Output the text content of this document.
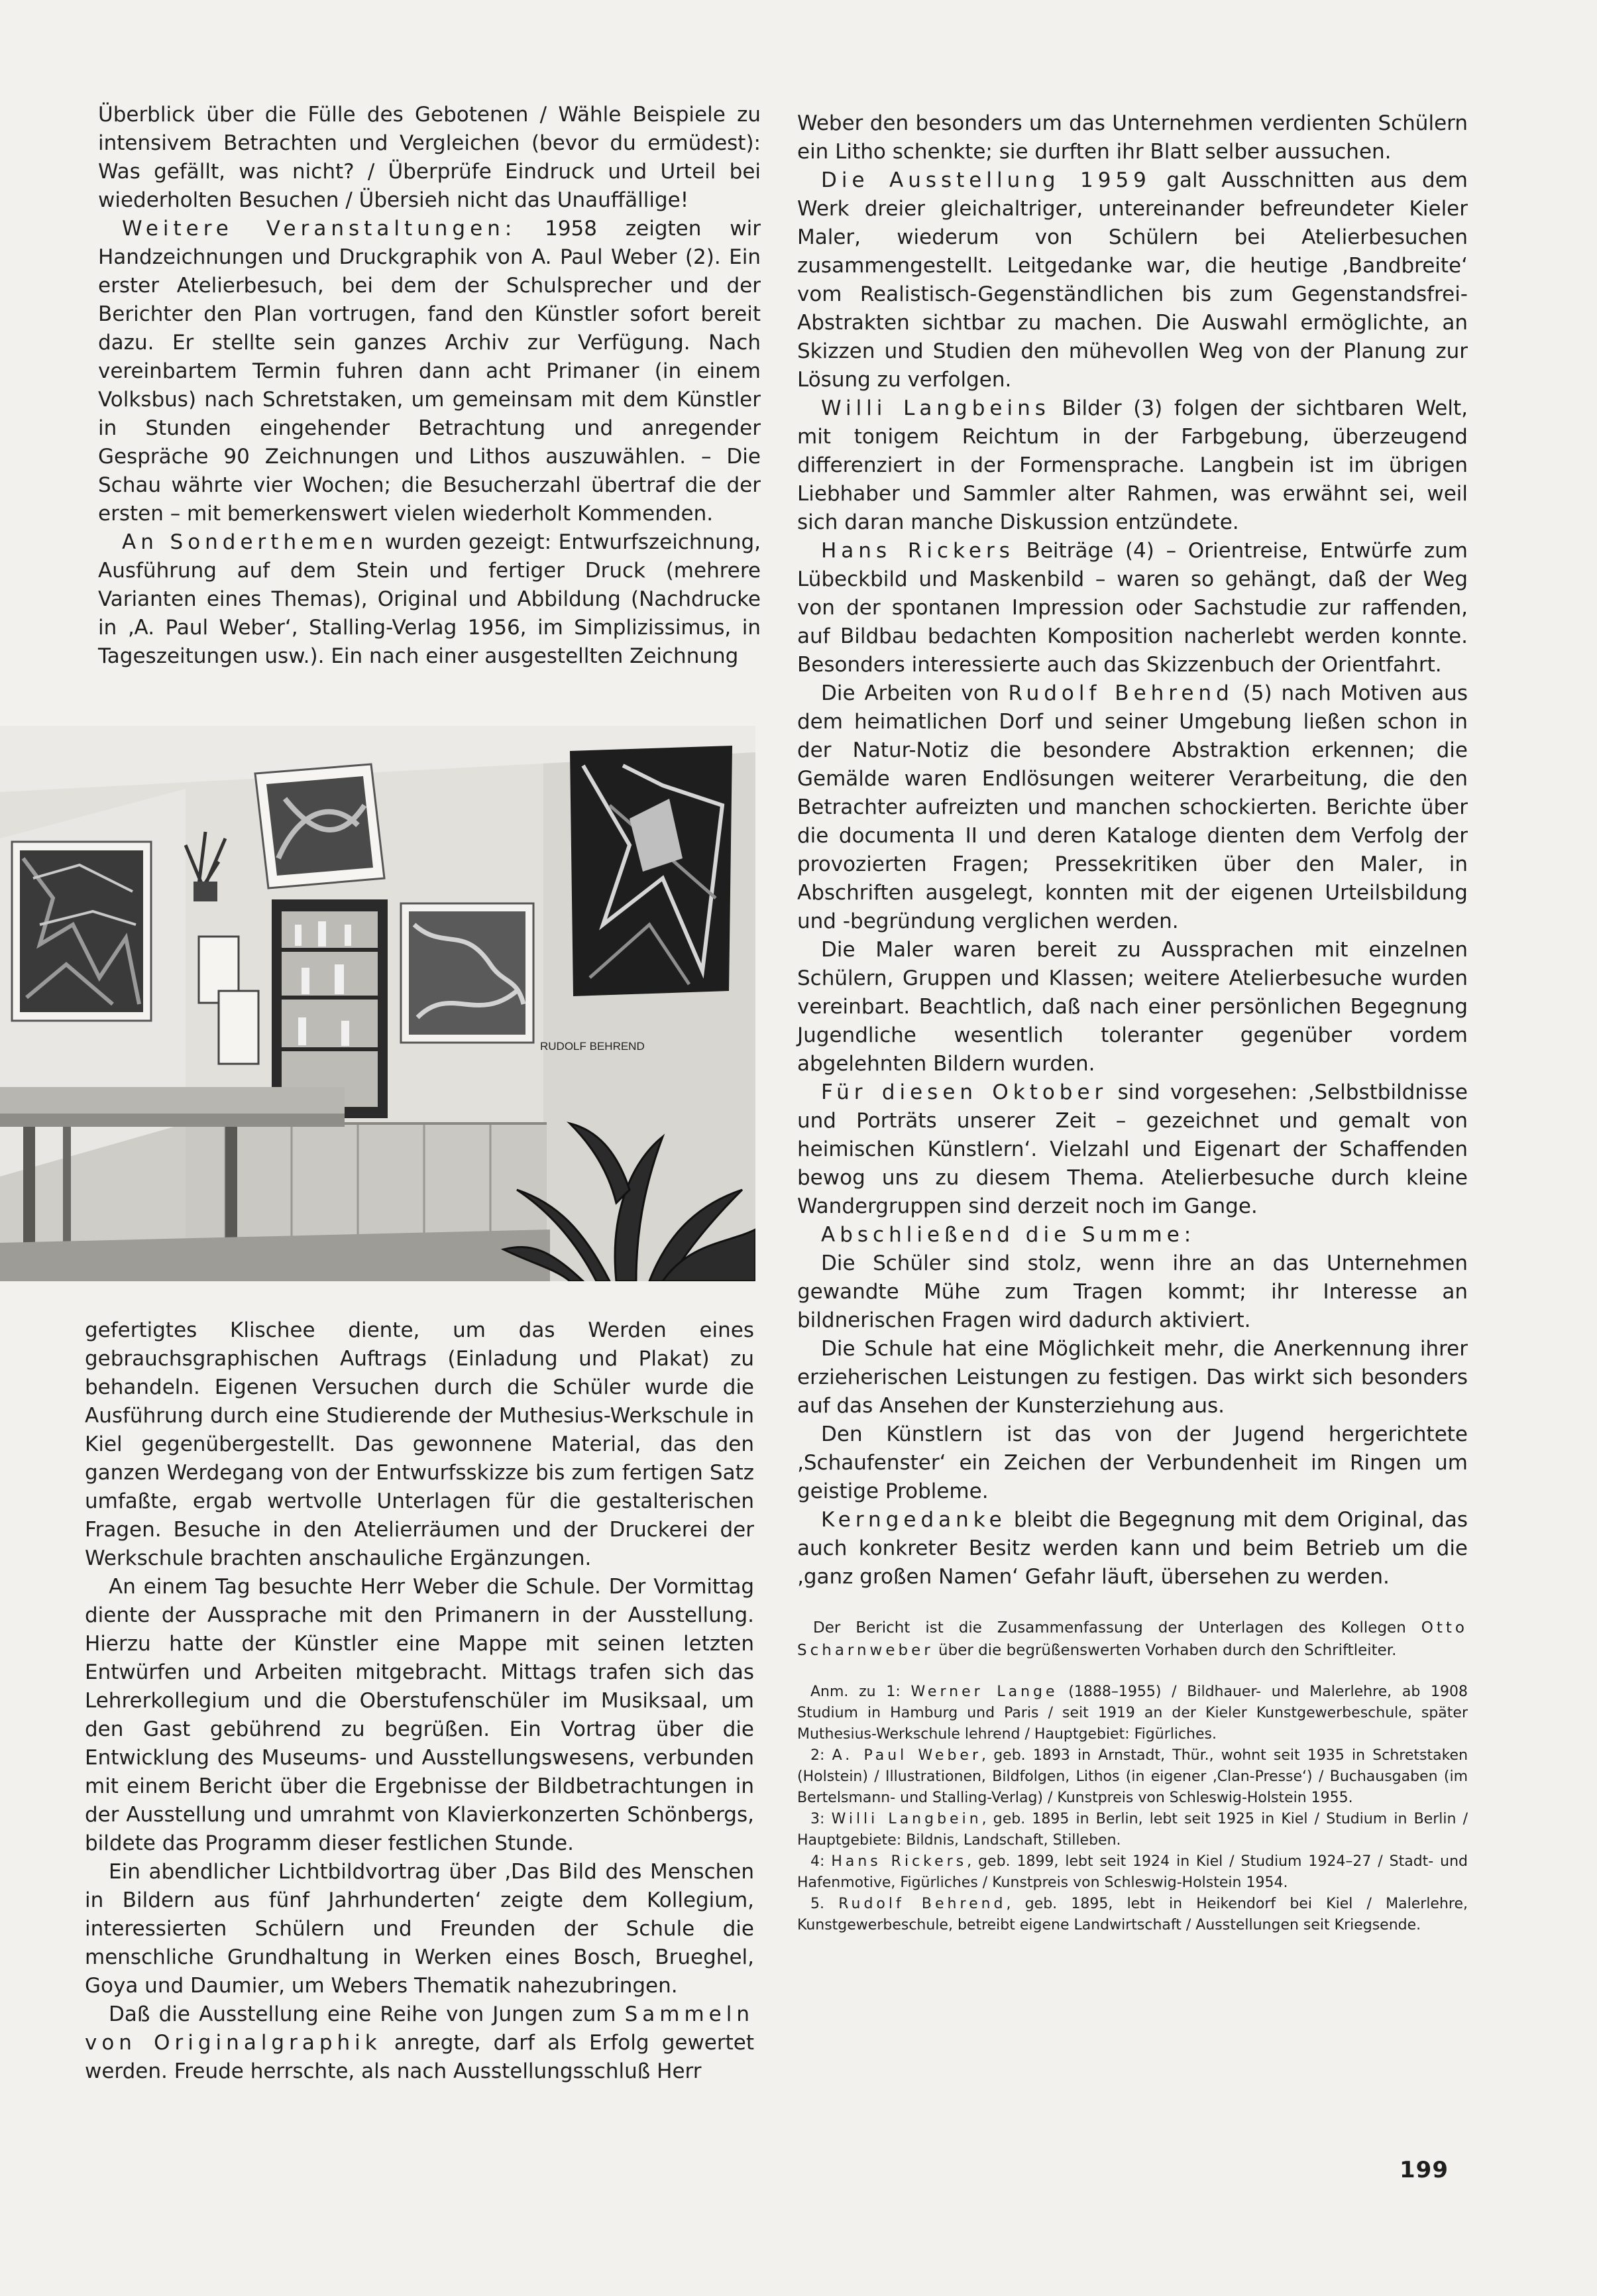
Überblick über die Fülle des Gebotenen / Wähle Beispiele zu intensivem Betrachten und Vergleichen (bevor du ermüdest): Was gefällt, was nicht? / Überprüfe Eindruck und Urteil bei wiederholten Besuchen / Übersieh nicht das Unauffällige!

Weitere Veranstaltungen: 1958 zeigten wir Handzeichnungen und Druckgraphik von A. Paul Weber (2). Ein erster Atelierbesuch, bei dem der Schulsprecher und der Berichter den Plan vortrugen, fand den Künstler sofort bereit dazu. Er stellte sein ganzes Archiv zur Verfügung. Nach vereinbartem Termin fuhren dann acht Primaner (in einem Volksbus) nach Schretstaken, um gemeinsam mit dem Künstler in Stunden eingehender Betrachtung und anregender Gespräche 90 Zeichnungen und Lithos auszuwählen. – Die Schau währte vier Wochen; die Besucherzahl übertraf die der ersten – mit bemerkenswert vielen wiederholt Kommenden.

An Sonderthemen wurden gezeigt: Entwurfszeichnung, Ausführung auf dem Stein und fertiger Druck (mehrere Varianten eines Themas), Original und Abbildung (Nachdrucke in ‚A. Paul Weber‘, Stalling-Verlag 1956, im Simplizissimus, in Tageszeitungen usw.). Ein nach einer ausgestellten Zeichnung

RUDOLF BEHREND

gefertigtes Klischee diente, um das Werden eines gebrauchsgraphischen Auftrags (Einladung und Plakat) zu behandeln. Eigenen Versuchen durch die Schüler wurde die Ausführung durch eine Studierende der Muthesius-Werkschule in Kiel gegenübergestellt. Das gewonnene Material, das den ganzen Werdegang von der Entwurfsskizze bis zum fertigen Satz umfaßte, ergab wertvolle Unterlagen für die gestalterischen Fragen. Besuche in den Atelierräumen und der Druckerei der Werkschule brachten anschauliche Ergänzungen.

An einem Tag besuchte Herr Weber die Schule. Der Vormittag diente der Aussprache mit den Primanern in der Ausstellung. Hierzu hatte der Künstler eine Mappe mit seinen letzten Entwürfen und Arbeiten mitgebracht. Mittags trafen sich das Lehrerkollegium und die Oberstufenschüler im Musiksaal, um den Gast gebührend zu begrüßen. Ein Vortrag über die Entwicklung des Museums- und Ausstellungswesens, verbunden mit einem Bericht über die Ergebnisse der Bildbetrachtungen in der Ausstellung und umrahmt von Klavierkonzerten Schönbergs, bildete das Programm dieser festlichen Stunde.

Ein abendlicher Lichtbildvortrag über ‚Das Bild des Menschen in Bildern aus fünf Jahrhunderten‘ zeigte dem Kollegium, interessierten Schülern und Freunden der Schule die menschliche Grundhaltung in Werken eines Bosch, Brueghel, Goya und Daumier, um Webers Thematik nahezubringen.

Daß die Ausstellung eine Reihe von Jungen zum Sammeln von Originalgraphik anregte, darf als Erfolg gewertet werden. Freude herrschte, als nach Ausstellungsschluß Herr

Weber den besonders um das Unternehmen verdienten Schülern ein Litho schenkte; sie durften ihr Blatt selber aussuchen.

Die Ausstellung 1959 galt Ausschnitten aus dem Werk dreier gleichaltriger, untereinander befreundeter Kieler Maler, wiederum von Schülern bei Atelierbesuchen zusammengestellt. Leitgedanke war, die heutige ‚Bandbreite‘ vom Realistisch-Gegenständlichen bis zum Gegenstandsfrei-Abstrakten sichtbar zu machen. Die Auswahl ermöglichte, an Skizzen und Studien den mühevollen Weg von der Planung zur Lösung zu verfolgen.

Willi Langbeins Bilder (3) folgen der sichtbaren Welt, mit tonigem Reichtum in der Farbgebung, überzeugend differenziert in der Formensprache. Langbein ist im übrigen Liebhaber und Sammler alter Rahmen, was erwähnt sei, weil sich daran manche Diskussion entzündete.

Hans Rickers Beiträge (4) – Orientreise, Entwürfe zum Lübeckbild und Maskenbild – waren so gehängt, daß der Weg von der spontanen Impression oder Sachstudie zur raffenden, auf Bildbau bedachten Komposition nacherlebt werden konnte. Besonders interessierte auch das Skizzenbuch der Orientfahrt.

Die Arbeiten von Rudolf Behrend (5) nach Motiven aus dem heimatlichen Dorf und seiner Umgebung ließen schon in der Natur-Notiz die besondere Abstraktion erkennen; die Gemälde waren Endlösungen weiterer Verarbeitung, die den Betrachter aufreizten und manchen schockierten. Berichte über die documenta II und deren Kataloge dienten dem Verfolg der provozierten Fragen; Pressekritiken über den Maler, in Abschriften ausgelegt, konnten mit der eigenen Urteilsbildung und -begründung verglichen werden.

Die Maler waren bereit zu Aussprachen mit einzelnen Schülern, Gruppen und Klassen; weitere Atelierbesuche wurden vereinbart. Beachtlich, daß nach einer persönlichen Begegnung Jugendliche wesentlich toleranter gegenüber vordem abgelehnten Bildern wurden.

Für diesen Oktober sind vorgesehen: ‚Selbstbildnisse und Porträts unserer Zeit – gezeichnet und gemalt von heimischen Künstlern‘. Vielzahl und Eigenart der Schaffenden bewog uns zu diesem Thema. Atelierbesuche durch kleine Wandergruppen sind derzeit noch im Gange.

Abschließend die Summe:

Die Schüler sind stolz, wenn ihre an das Unternehmen gewandte Mühe zum Tragen kommt; ihr Interesse an bildnerischen Fragen wird dadurch aktiviert.

Die Schule hat eine Möglichkeit mehr, die Anerkennung ihrer erzieherischen Leistungen zu festigen. Das wirkt sich besonders auf das Ansehen der Kunsterziehung aus.

Den Künstlern ist das von der Jugend hergerichtete ‚Schaufenster‘ ein Zeichen der Verbundenheit im Ringen um geistige Probleme.

Kerngedanke bleibt die Begegnung mit dem Original, das auch konkreter Besitz werden kann und beim Betrieb um die ‚ganz großen Namen‘ Gefahr läuft, übersehen zu werden.

Der Bericht ist die Zusammenfassung der Unterlagen des Kollegen Otto Scharnweber über die begrüßenswerten Vorhaben durch den Schriftleiter.

Anm. zu 1: Werner Lange (1888–1955) / Bildhauer- und Malerlehre, ab 1908 Studium in Hamburg und Paris / seit 1919 an der Kieler Kunstgewerbeschule, später Muthesius-Werkschule lehrend / Hauptgebiet: Figürliches.

2: A. Paul Weber, geb. 1893 in Arnstadt, Thür., wohnt seit 1935 in Schretstaken (Holstein) / Illustrationen, Bildfolgen, Lithos (in eigener ‚Clan-Presse‘) / Buchausgaben (im Bertelsmann- und Stalling-Verlag) / Kunstpreis von Schleswig-Holstein 1955.

3: Willi Langbein, geb. 1895 in Berlin, lebt seit 1925 in Kiel / Studium in Berlin / Hauptgebiete: Bildnis, Landschaft, Stilleben.

4: Hans Rickers, geb. 1899, lebt seit 1924 in Kiel / Studium 1924–27 / Stadt- und Hafenmotive, Figürliches / Kunstpreis von Schleswig-Holstein 1954.

5. Rudolf Behrend, geb. 1895, lebt in Heikendorf bei Kiel / Malerlehre, Kunstgewerbeschule, betreibt eigene Landwirtschaft / Ausstellungen seit Kriegsende.

199
